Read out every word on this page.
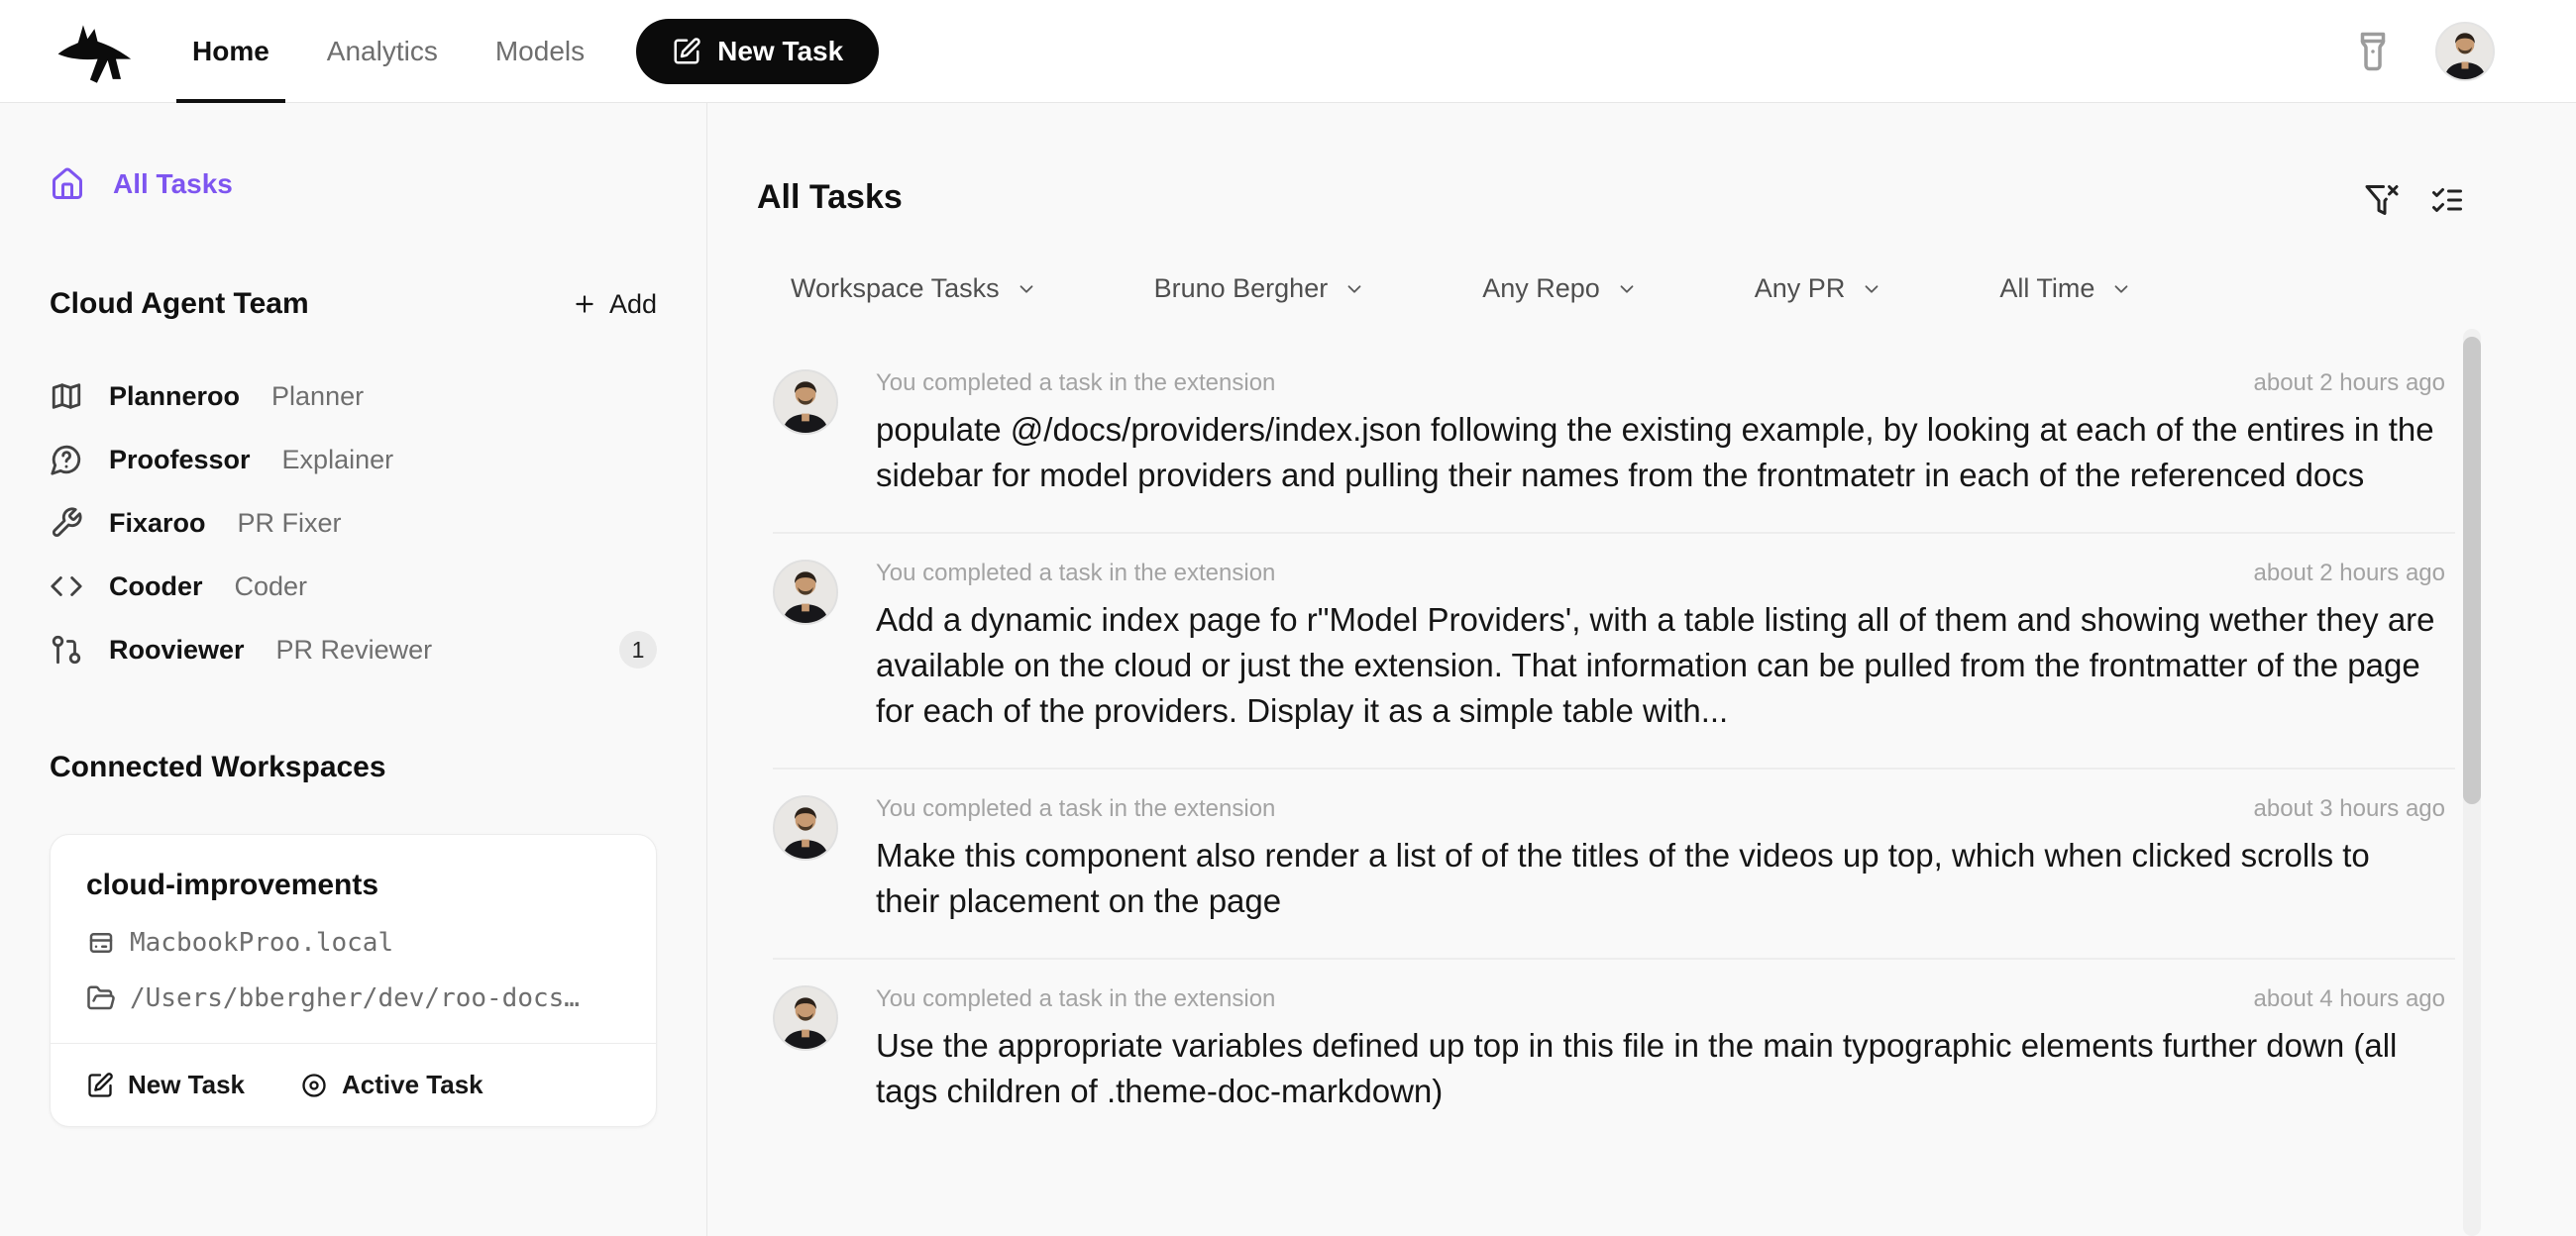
Home Analytics Models	New Task
All Tasks
Cloud Agent Team	Add
Planneroo Planner
Proofessor Explainer
Fixaroo PR Fixer
Cooder Coder
Rooviewer PR Reviewer	1
Connected Workspaces
cloud-improvements
MacbookProo.local
/Users/bbergher/dev/roo-docs…
New Task	Active Task
All Tasks
Workspace Tasks	Bruno Bergher	Any Repo	Any PR	All Time
You completed a task in the extension	about 2 hours ago

populate @/docs/providers/index.json following the existing example, by looking at each of the entires in the sidebar for model providers and pulling their names from the frontmatetr in each of the referenced docs

You completed a task in the extension	about 2 hours ago

Add a dynamic index page fo r"Model Providers', with a table listing all of them and showing wether they are available on the cloud or just the extension. That information can be pulled from the frontmatter of the page for each of the providers. Display it as a simple table with...

You completed a task in the extension	about 3 hours ago

Make this component also render a list of of the titles of the videos up top, which when clicked scrolls to their placement on the page

You completed a task in the extension	about 4 hours ago

Use the appropriate variables defined up top in this file in the main typographic elements further down (all tags children of .theme-doc-markdown)
